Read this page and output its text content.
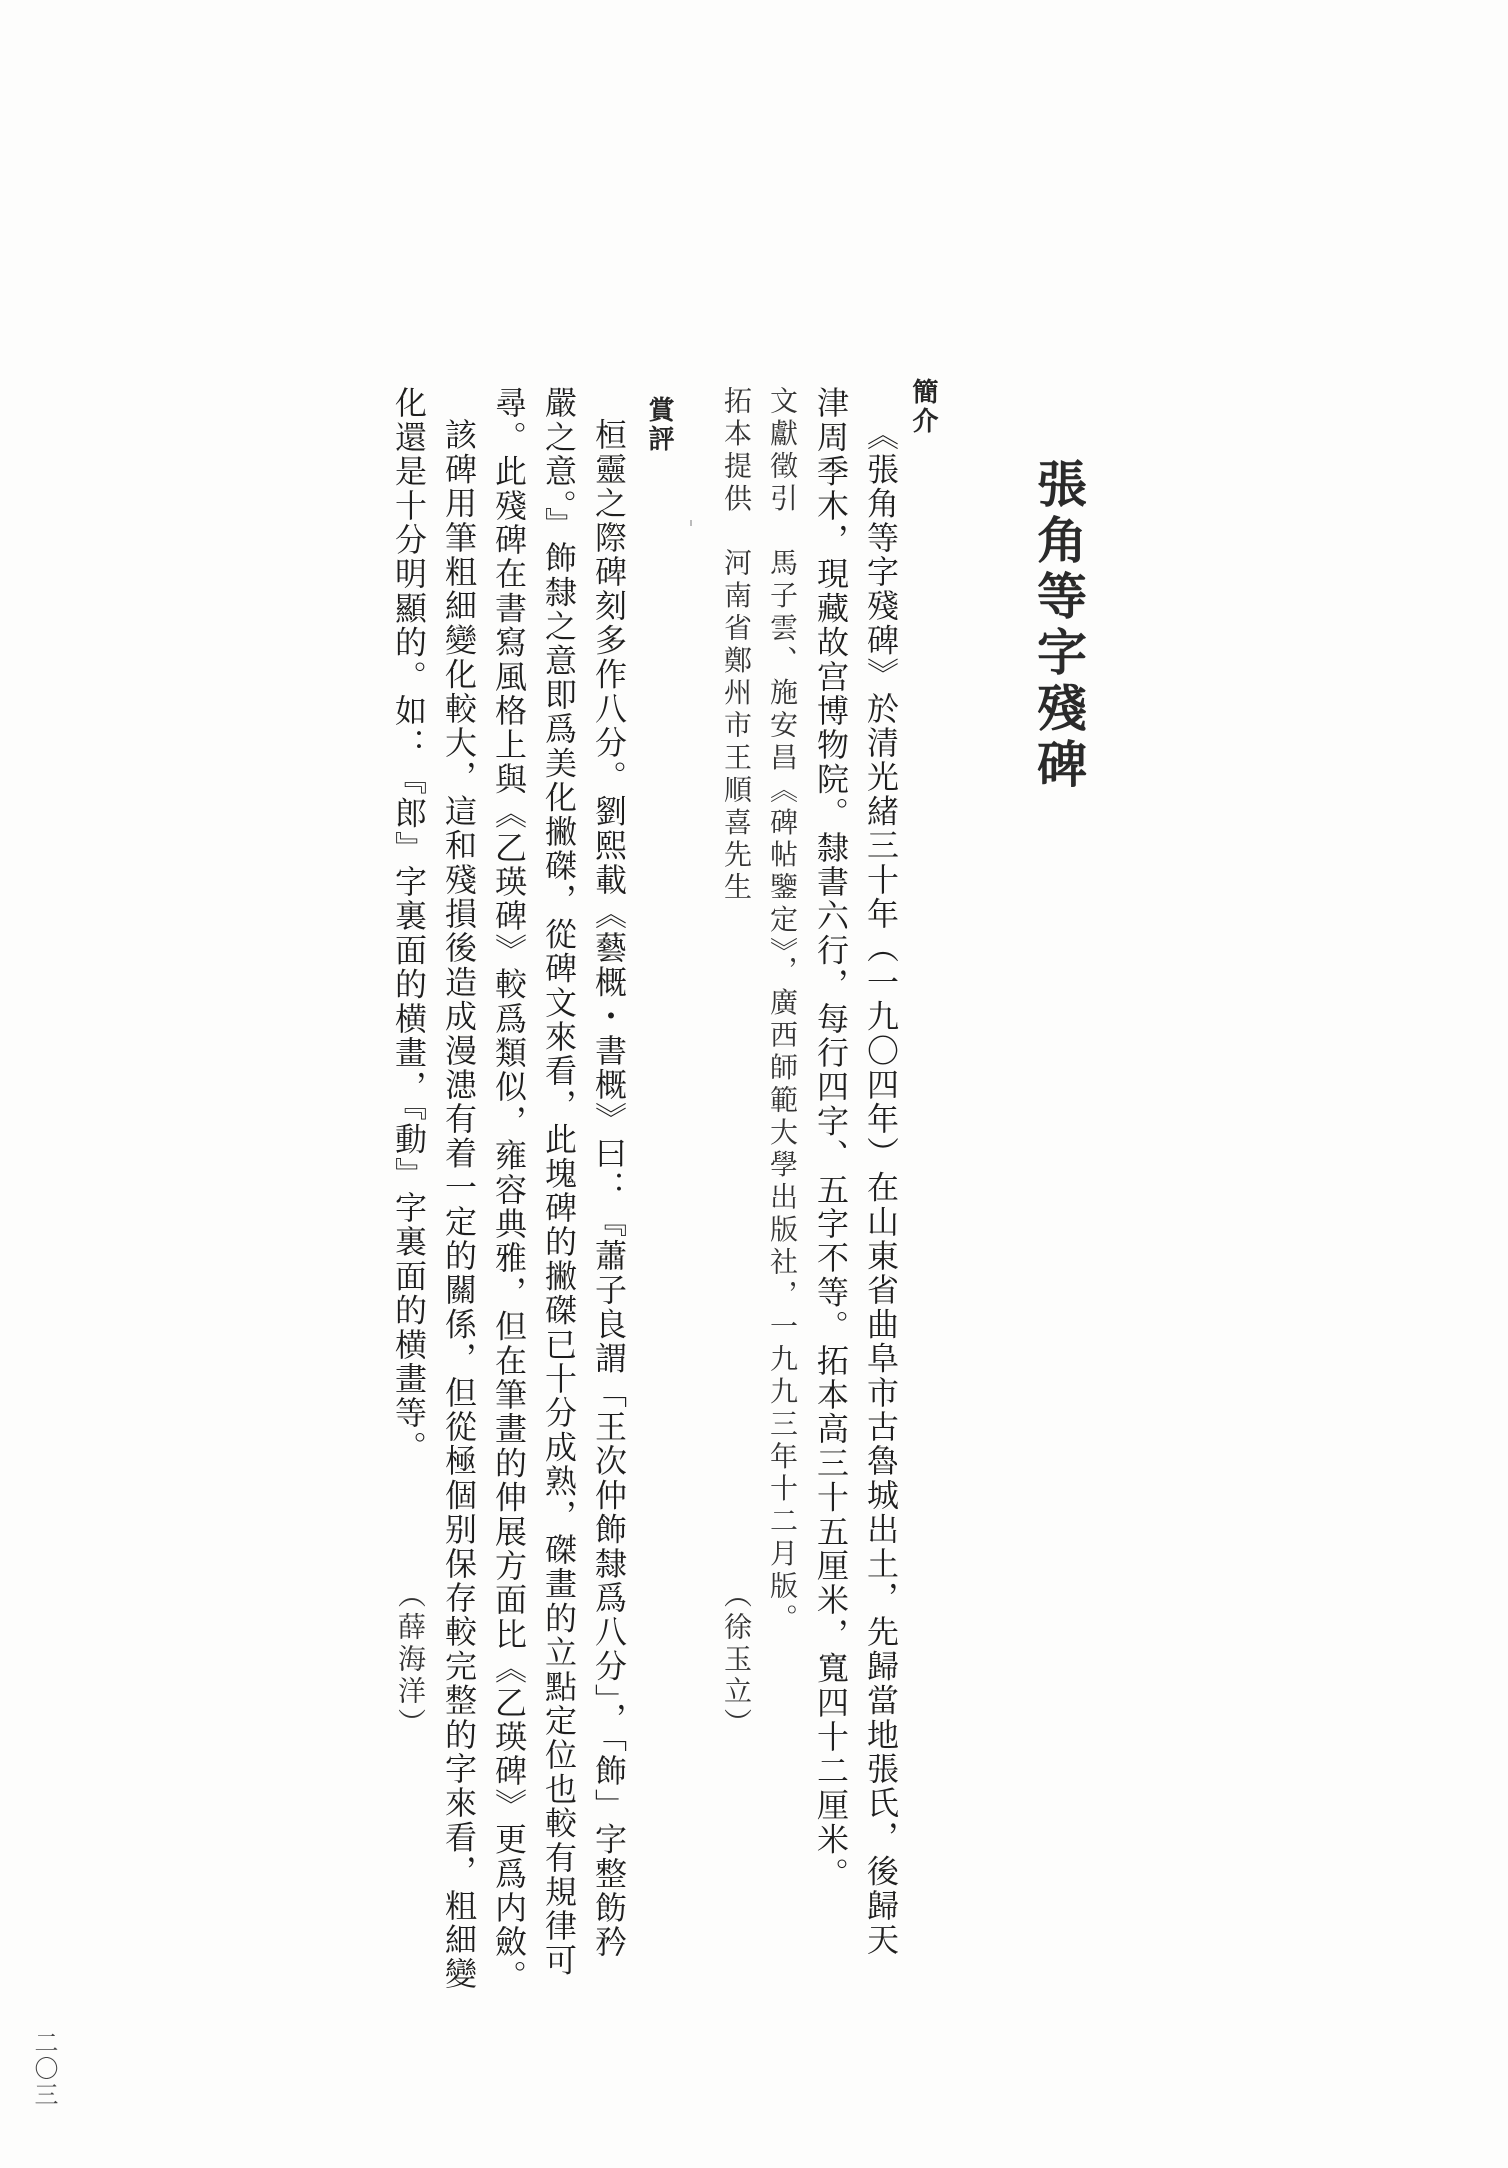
張角等字殘碑
簡介
《張角等字殘碑》於清光緒三十年（一九〇四年）在山東省曲阜市古魯城出土，先歸當地張氏，後歸天
津周季木，現藏故宫博物院。隸書六行，每行四字、五字不等。拓本高三十五厘米，寬四十二厘米。
文獻徵引　馬子雲、施安昌《碑帖鑒定》，廣西師範大學出版社，一九九三年十二月版。
拓本提供　河南省鄭州市王順喜先生
（徐玉立）
賞評
桓靈之際碑刻多作八分。劉熙載《藝概・書概》曰：『蕭子良謂「王次仲飾隸爲八分」，「飾」字整飭矜
嚴之意。』飾隸之意即爲美化撇磔，從碑文來看，此塊碑的撇磔已十分成熟，磔畫的立點定位也較有規律可
尋。此殘碑在書寫風格上與《乙瑛碑》較爲類似，雍容典雅，但在筆畫的伸展方面比《乙瑛碑》更爲内斂。
該碑用筆粗細變化較大，這和殘損後造成漫漶有着一定的關係，但從極個别保存較完整的字來看，粗細變
化還是十分明顯的。如：『郎』字裏面的横畫，『動』字裏面的横畫等。
（薛海洋）
二〇三
